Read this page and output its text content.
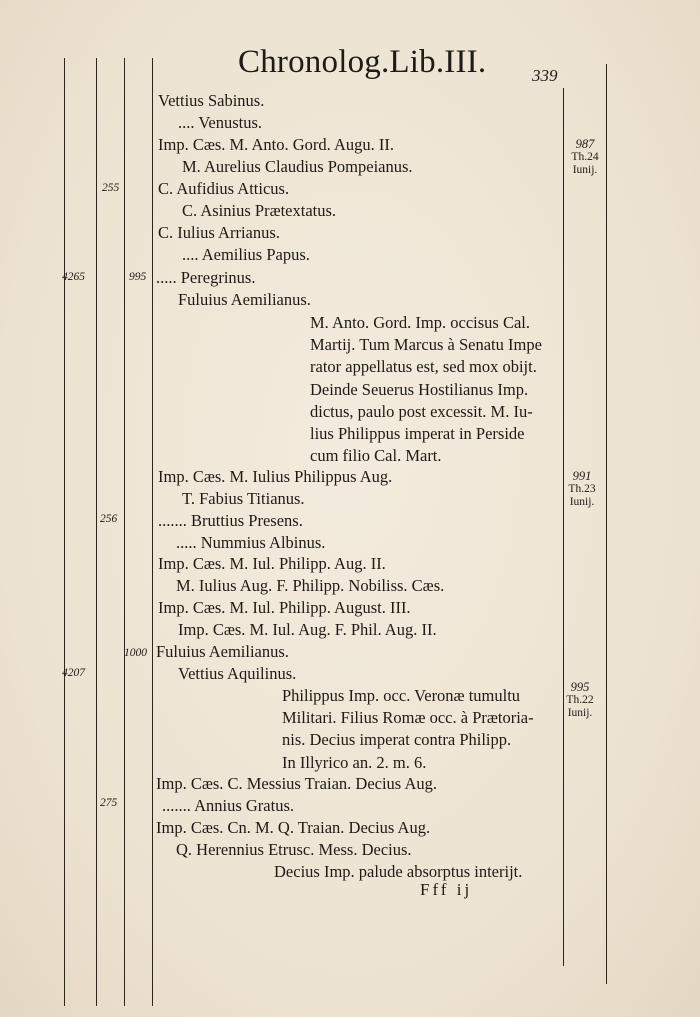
Chronolog.Lib.III.	339
Vettius Sabinus.
.... Venustus.
Imp. Cæs. M. Anto. Gord. Augu. II.
M. Aurelius Claudius Pompeianus.
C. Aufidius Atticus.
C. Asinius Prætextatus.
C. Iulius Arrianus.
.... Aemilius Papus.
..... Peregrinus.
Fuluius Aemilianus.
Imp. Cæs. M. Iulius Philippus Aug.
T. Fabius Titianus.
....... Bruttius Presens.
..... Nummius Albinus.
Imp. Cæs. M. Iul. Philipp. Aug. II.
M. Iulius Aug. F. Philipp. Nobiliss. Cæs.
Imp. Cæs. M. Iul. Philipp. August. III.
Imp. Cæs. M. Iul. Aug. F. Phil. Aug. II.
Fuluius Aemilianus.
Vettius Aquilinus.
Imp. Cæs. C. Messius Traian. Decius Aug.
....... Annius Gratus.
Imp. Cæs. Cn. M. Q. Traian. Decius Aug.
Q. Herennius Etrusc. Mess. Decius.
Decius Imp. palude absorptus interijt.
M. Anto. Gord. Imp. occisus Cal.
Martij. Tum Marcus à Senatu Impe
rator appellatus est, sed mox obijt.
Deinde Seuerus Hostilianus Imp.
dictus, paulo post excessit. M. Iu-
lius Philippus imperat in Perside
cum filio Cal. Mart.
Philippus Imp. occ. Veronæ tumultu
Militari. Filius Romæ occ. à Prætoria-
nis. Decius imperat contra Philipp.
In Illyrico an. 2. m. 6.
255
4265	995
256
1000
4207
275
987
Th.24
Iunij.
991
Th.23
Iunij.
995
Th.22
Iunij.
Fff ij
